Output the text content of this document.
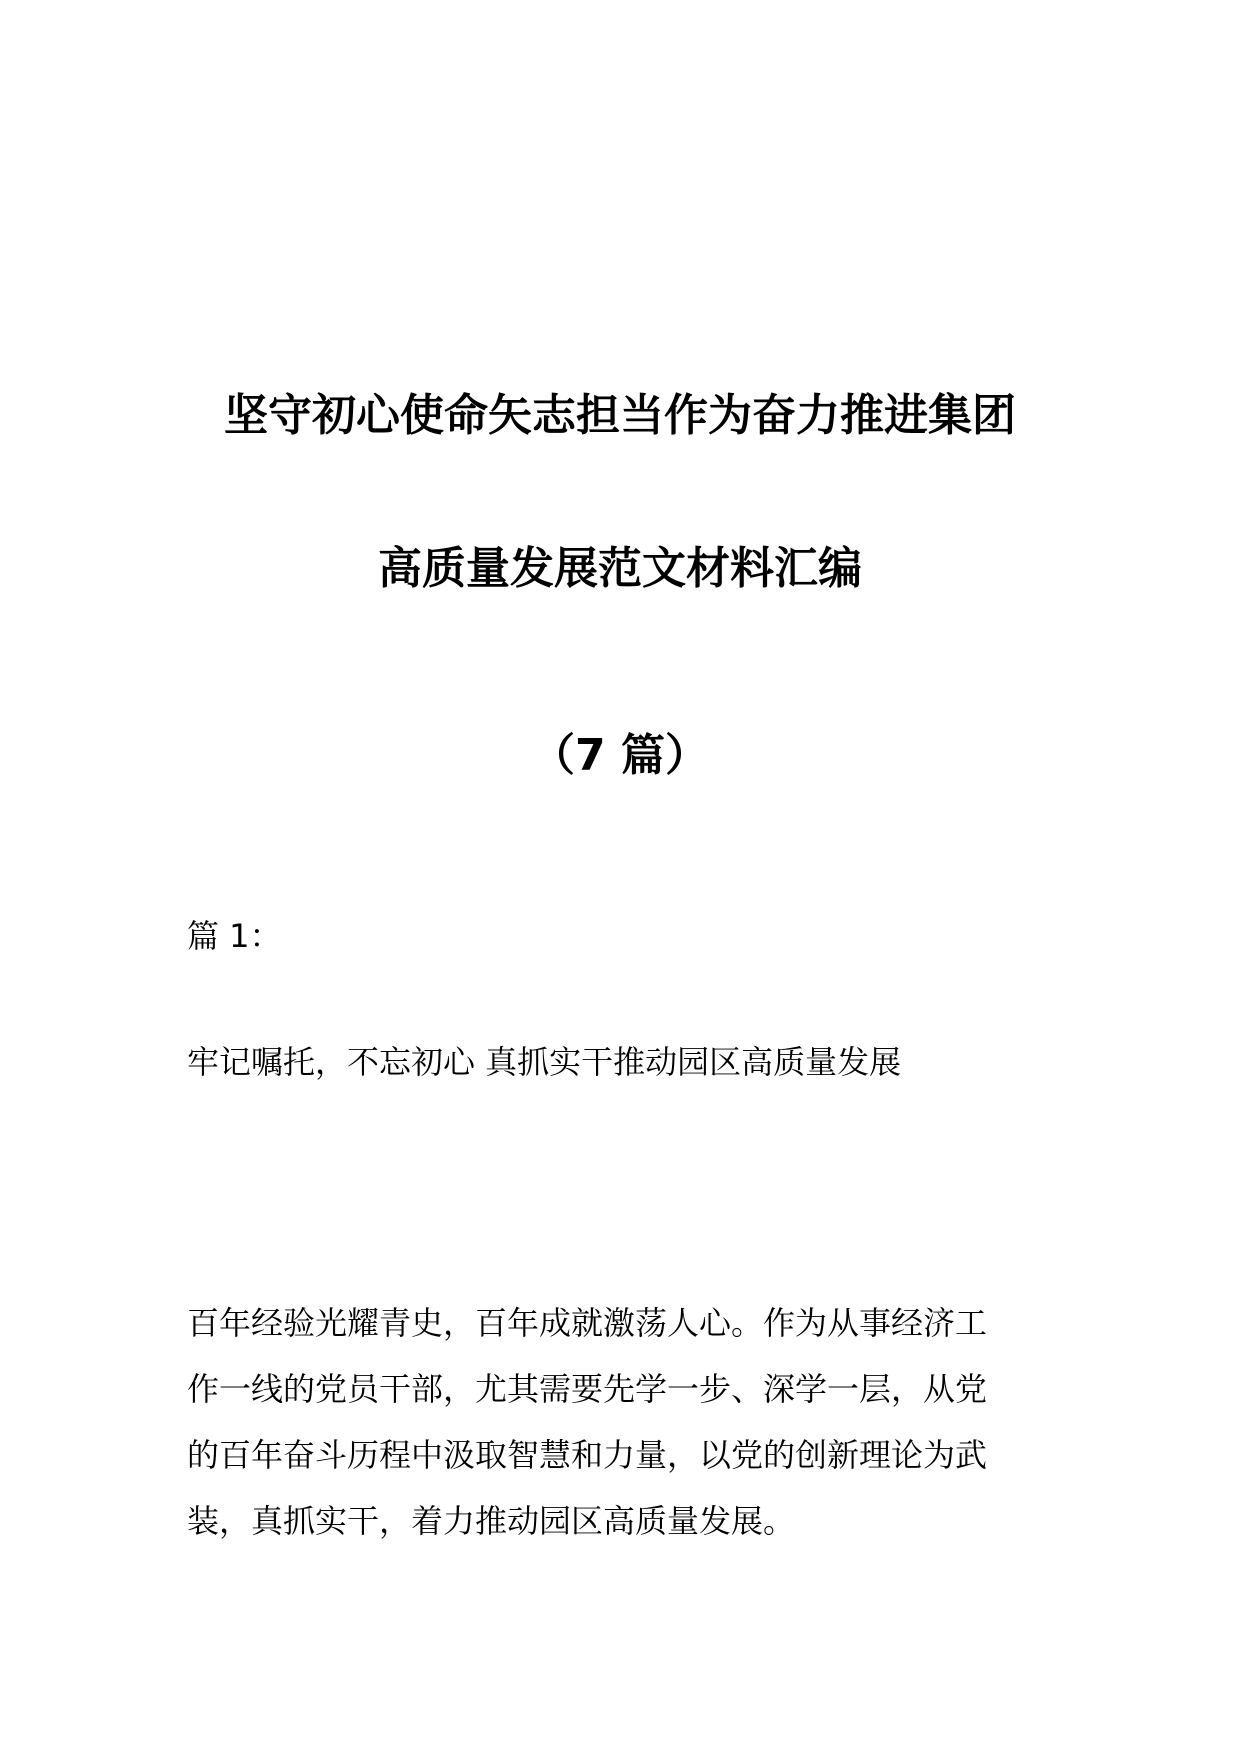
坚守初心使命矢志担当作为奋力推进集团
高质量发展范文材料汇编
（7 篇）
篇 1：
牢记嘱托，不忘初心 真抓实干推动园区高质量发展
百年经验光耀青史，百年成就激荡人心。作为从事经济工
作一线的党员干部，尤其需要先学一步、深学一层，从党
的百年奋斗历程中汲取智慧和力量，以党的创新理论为武
装，真抓实干，着力推动园区高质量发展。
